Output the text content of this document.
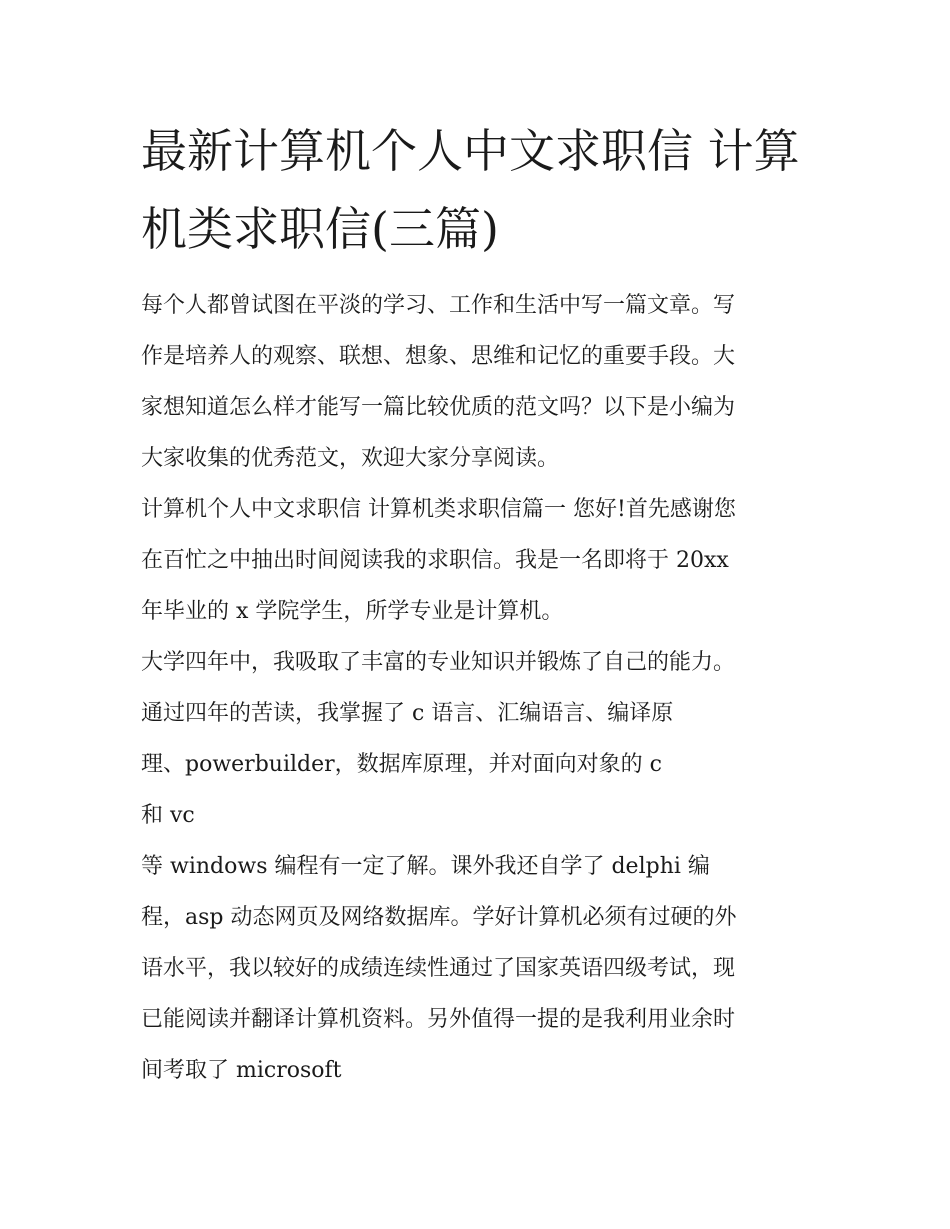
最新计算机个人中文求职信 计算机类求职信(三篇)
每个人都曾试图在平淡的学习、工作和生活中写一篇文章。写
作是培养人的观察、联想、想象、思维和记忆的重要手段。大
家想知道怎么样才能写一篇比较优质的范文吗？以下是小编为
大家收集的优秀范文，欢迎大家分享阅读。
计算机个人中文求职信 计算机类求职信篇一 您好!首先感谢您
在百忙之中抽出时间阅读我的求职信。我是一名即将于 20xx
年毕业的 x 学院学生，所学专业是计算机。
大学四年中，我吸取了丰富的专业知识并锻炼了自己的能力。
通过四年的苦读，我掌握了 c 语言、汇编语言、编译原
理、powerbuilder，数据库原理，并对面向对象的 c
和 vc
等 windows 编程有一定了解。课外我还自学了 delphi 编
程，asp 动态网页及网络数据库。学好计算机必须有过硬的外
语水平，我以较好的成绩连续性通过了国家英语四级考试，现
已能阅读并翻译计算机资料。另外值得一提的是我利用业余时
间考取了 microsoft
